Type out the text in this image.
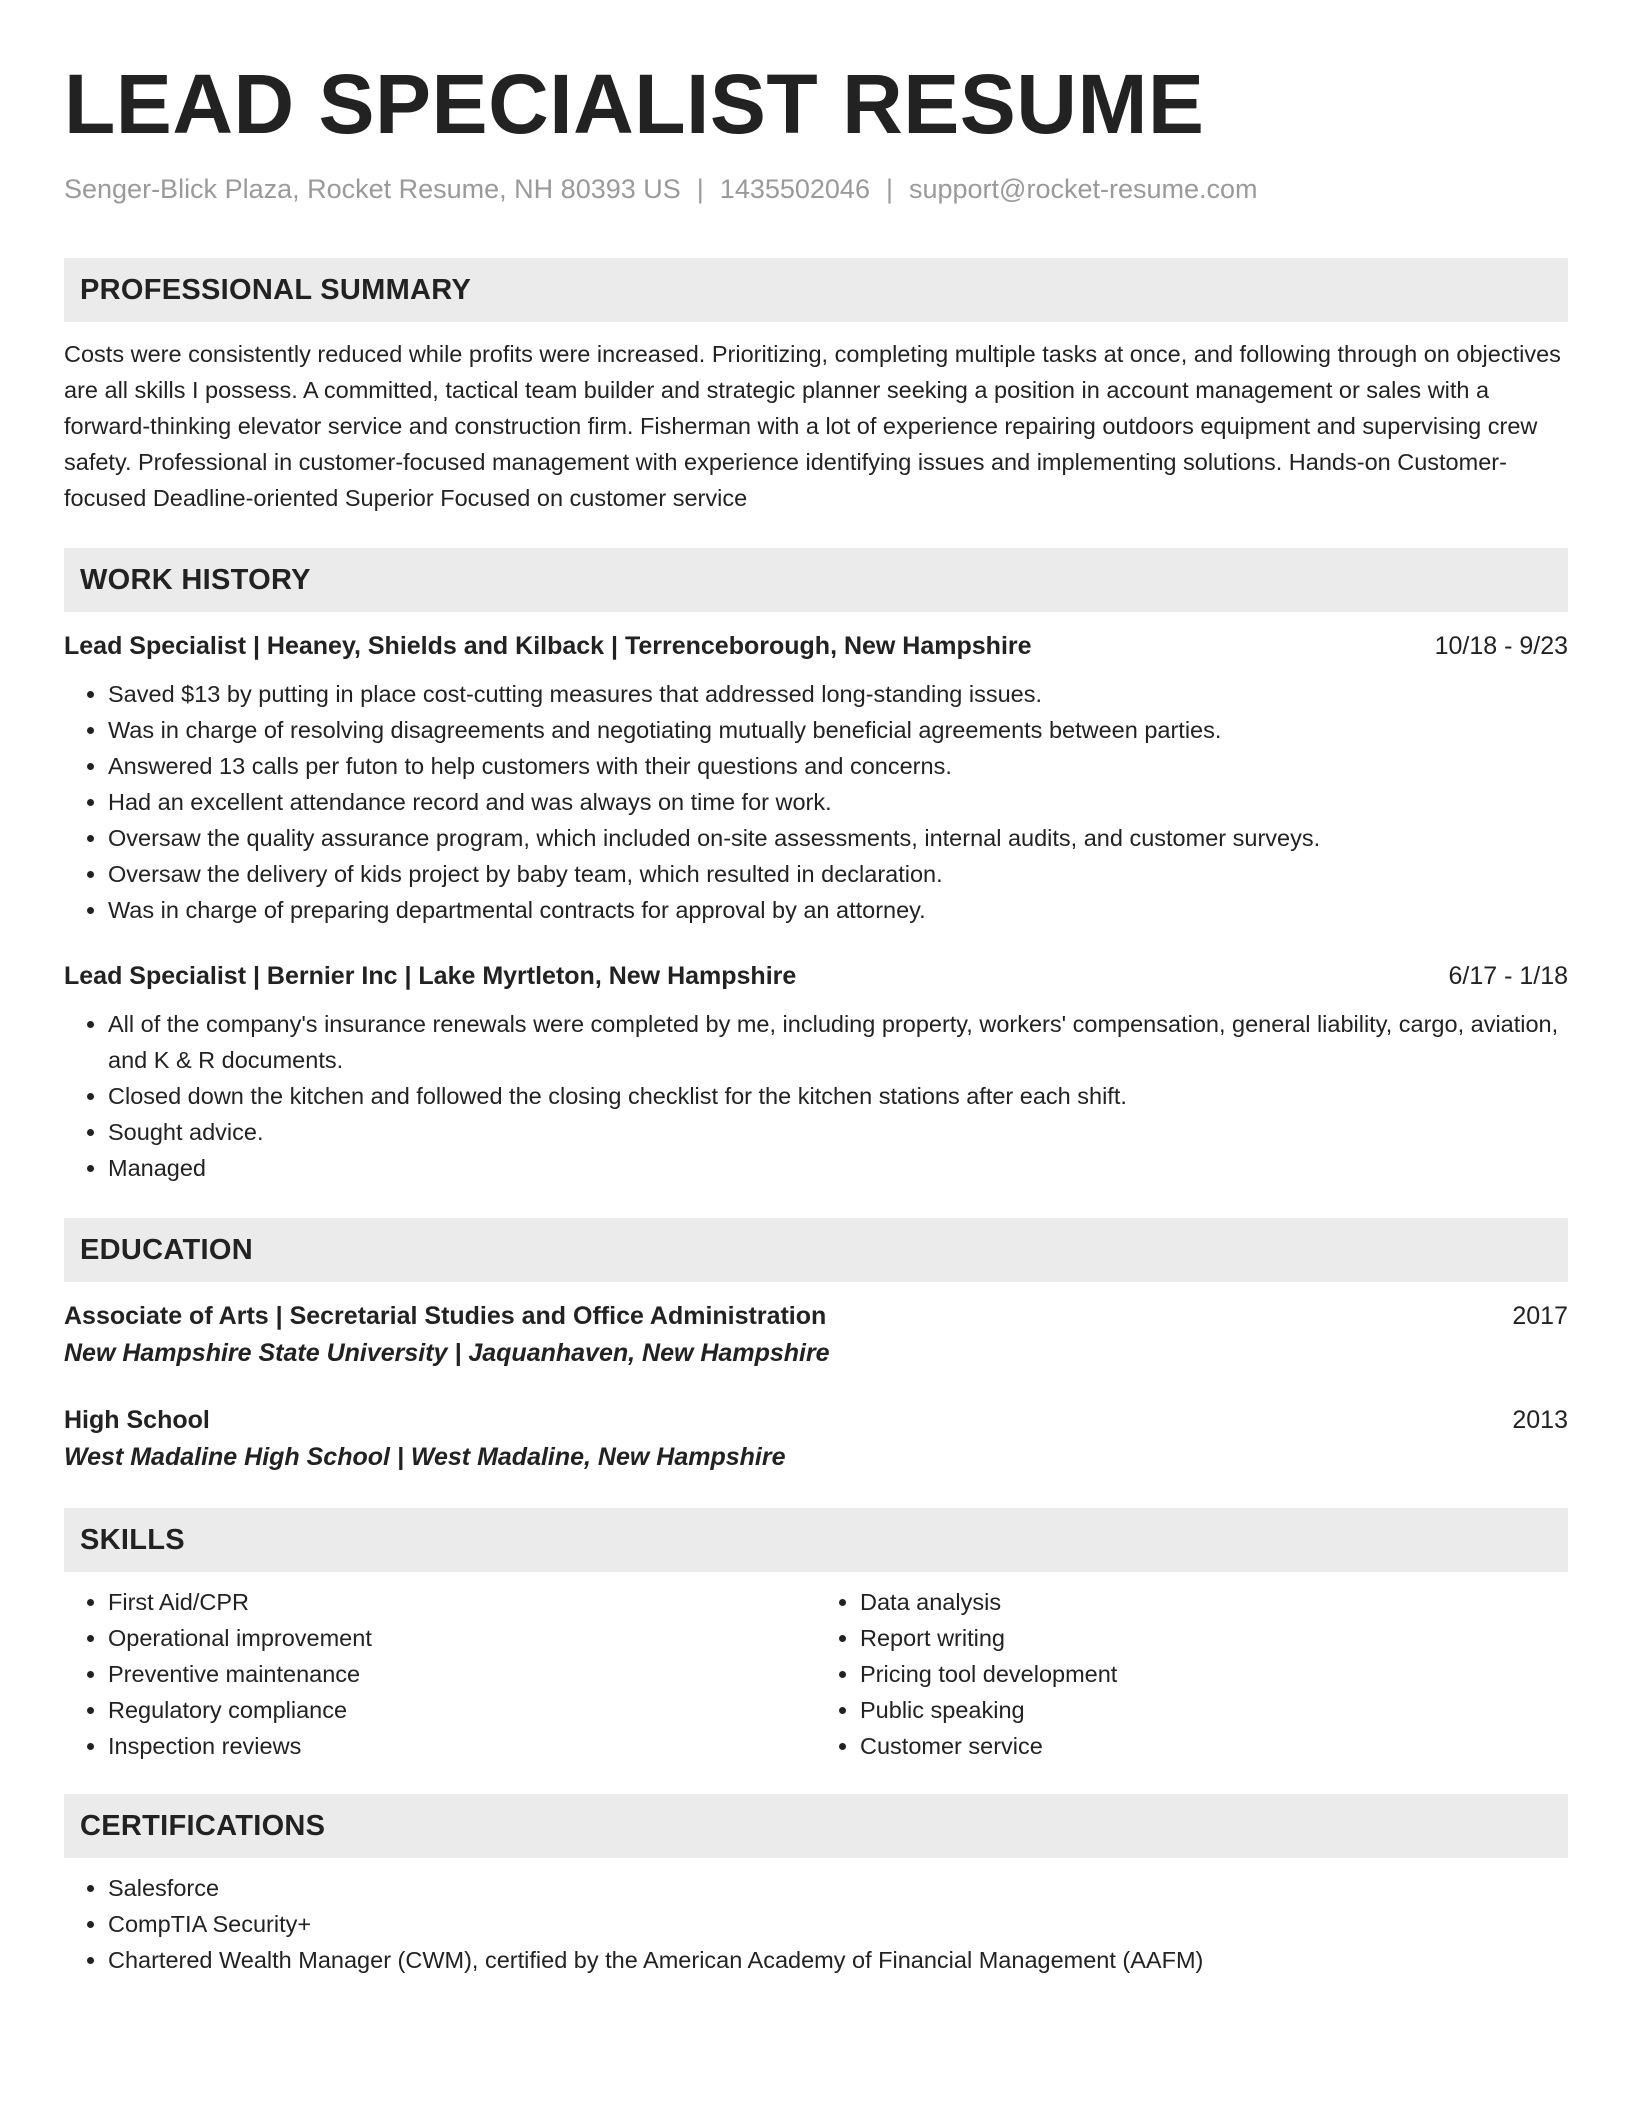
LEAD SPECIALIST RESUME
Senger-Blick Plaza, Rocket Resume, NH 80393 US | 1435502046 | support@rocket-resume.com
PROFESSIONAL SUMMARY
Costs were consistently reduced while profits were increased. Prioritizing, completing multiple tasks at once, and following through on objectives are all skills I possess. A committed, tactical team builder and strategic planner seeking a position in account management or sales with a forward-thinking elevator service and construction firm. Fisherman with a lot of experience repairing outdoors equipment and supervising crew safety. Professional in customer-focused management with experience identifying issues and implementing solutions. Hands-on Customer-focused Deadline-oriented Superior Focused on customer service
WORK HISTORY
Lead Specialist | Heaney, Shields and Kilback | Terrenceborough, New Hampshire	10/18 - 9/23
• Saved $13 by putting in place cost-cutting measures that addressed long-standing issues.
• Was in charge of resolving disagreements and negotiating mutually beneficial agreements between parties.
• Answered 13 calls per futon to help customers with their questions and concerns.
• Had an excellent attendance record and was always on time for work.
• Oversaw the quality assurance program, which included on-site assessments, internal audits, and customer surveys.
• Oversaw the delivery of kids project by baby team, which resulted in declaration.
• Was in charge of preparing departmental contracts for approval by an attorney.
Lead Specialist | Bernier Inc | Lake Myrtleton, New Hampshire	6/17 - 1/18
• All of the company's insurance renewals were completed by me, including property, workers' compensation, general liability, cargo, aviation, and K & R documents.
• Closed down the kitchen and followed the closing checklist for the kitchen stations after each shift.
• Sought advice.
• Managed
EDUCATION
Associate of Arts | Secretarial Studies and Office Administration	2017
New Hampshire State University | Jaquanhaven, New Hampshire
High School	2013
West Madaline High School | West Madaline, New Hampshire
SKILLS
• First Aid/CPR
• Operational improvement
• Preventive maintenance
• Regulatory compliance
• Inspection reviews
• Data analysis
• Report writing
• Pricing tool development
• Public speaking
• Customer service
CERTIFICATIONS
• Salesforce
• CompTIA Security+
• Chartered Wealth Manager (CWM), certified by the American Academy of Financial Management (AAFM)
